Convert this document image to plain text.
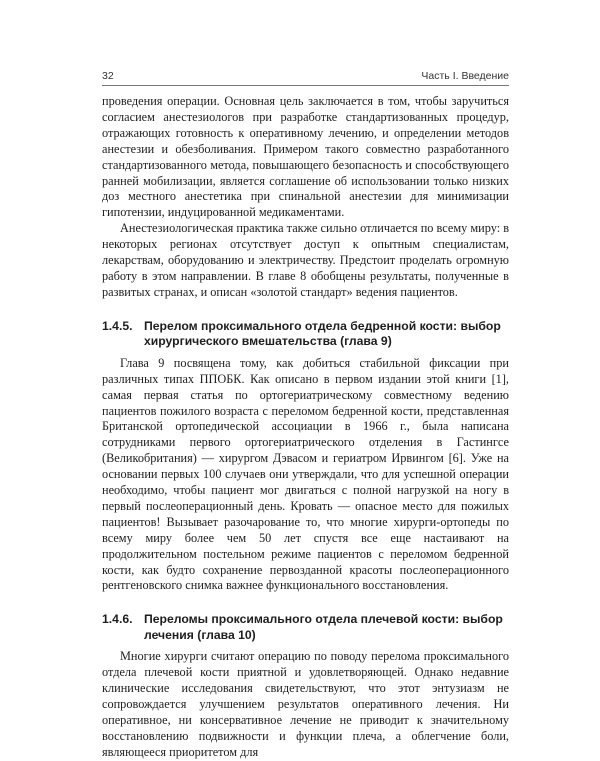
32	Часть I. Введение

проведения операции. Основная цель заключается в том, чтобы заручиться согласием анестезиологов при разработке стандартизованных процедур, отражающих готовность к оперативному лечению, и определении методов анестезии и обезболивания. Примером такого совместно разработанного стандартизованного метода, повышающего безопасность и способствующего ранней мобилизации, является соглашение об использовании только низких доз местного анестетика при спинальной анестезии для минимизации гипотензии, индуцированной медикаментами.

Анестезиологическая практика также сильно отличается по всему миру: в некоторых регионах отсутствует доступ к опытным специалистам, лекарствам, оборудованию и электричеству. Предстоит проделать огромную работу в этом направлении. В главе 8 обобщены результаты, полученные в развитых странах, и описан «золотой стандарт» ведения пациентов.

1.4.5. Перелом проксимального отдела бедренной кости: выбор хирургического вмешательства (глава 9)

Глава 9 посвящена тому, как добиться стабильной фиксации при различных типах ППОБК. Как описано в первом издании этой книги [1], самая первая статья по ортогериатрическому совместному ведению пациентов пожилого возраста с переломом бедренной кости, представленная Британской ортопедической ассоциации в 1966 г., была написана сотрудниками первого ортогериатрического отделения в Гастингсе (Великобритания) — хирургом Дэвасом и гериатром Ирвингом [6]. Уже на основании первых 100 случаев они утверждали, что для успешной операции необходимо, чтобы пациент мог двигаться с полной нагрузкой на ногу в первый послеоперационный день. Кровать — опасное место для пожилых пациентов! Вызывает разочарование то, что многие хирурги-ортопеды по всему миру более чем 50 лет спустя все еще настаивают на продолжительном постельном режиме пациентов с переломом бедренной кости, как будто сохранение первозданной красоты послеоперационного рентгеновского снимка важнее функционального восстановления.

1.4.6. Переломы проксимального отдела плечевой кости: выбор лечения (глава 10)

Многие хирурги считают операцию по поводу перелома проксимального отдела плечевой кости приятной и удовлетворяющей. Однако недавние клинические исследования свидетельствуют, что этот энтузиазм не сопровождается улучшением результатов оперативного лечения. Ни оперативное, ни консервативное лечение не приводит к значительному восстановлению подвижности и функции плеча, а облегчение боли, являющееся приоритетом для
